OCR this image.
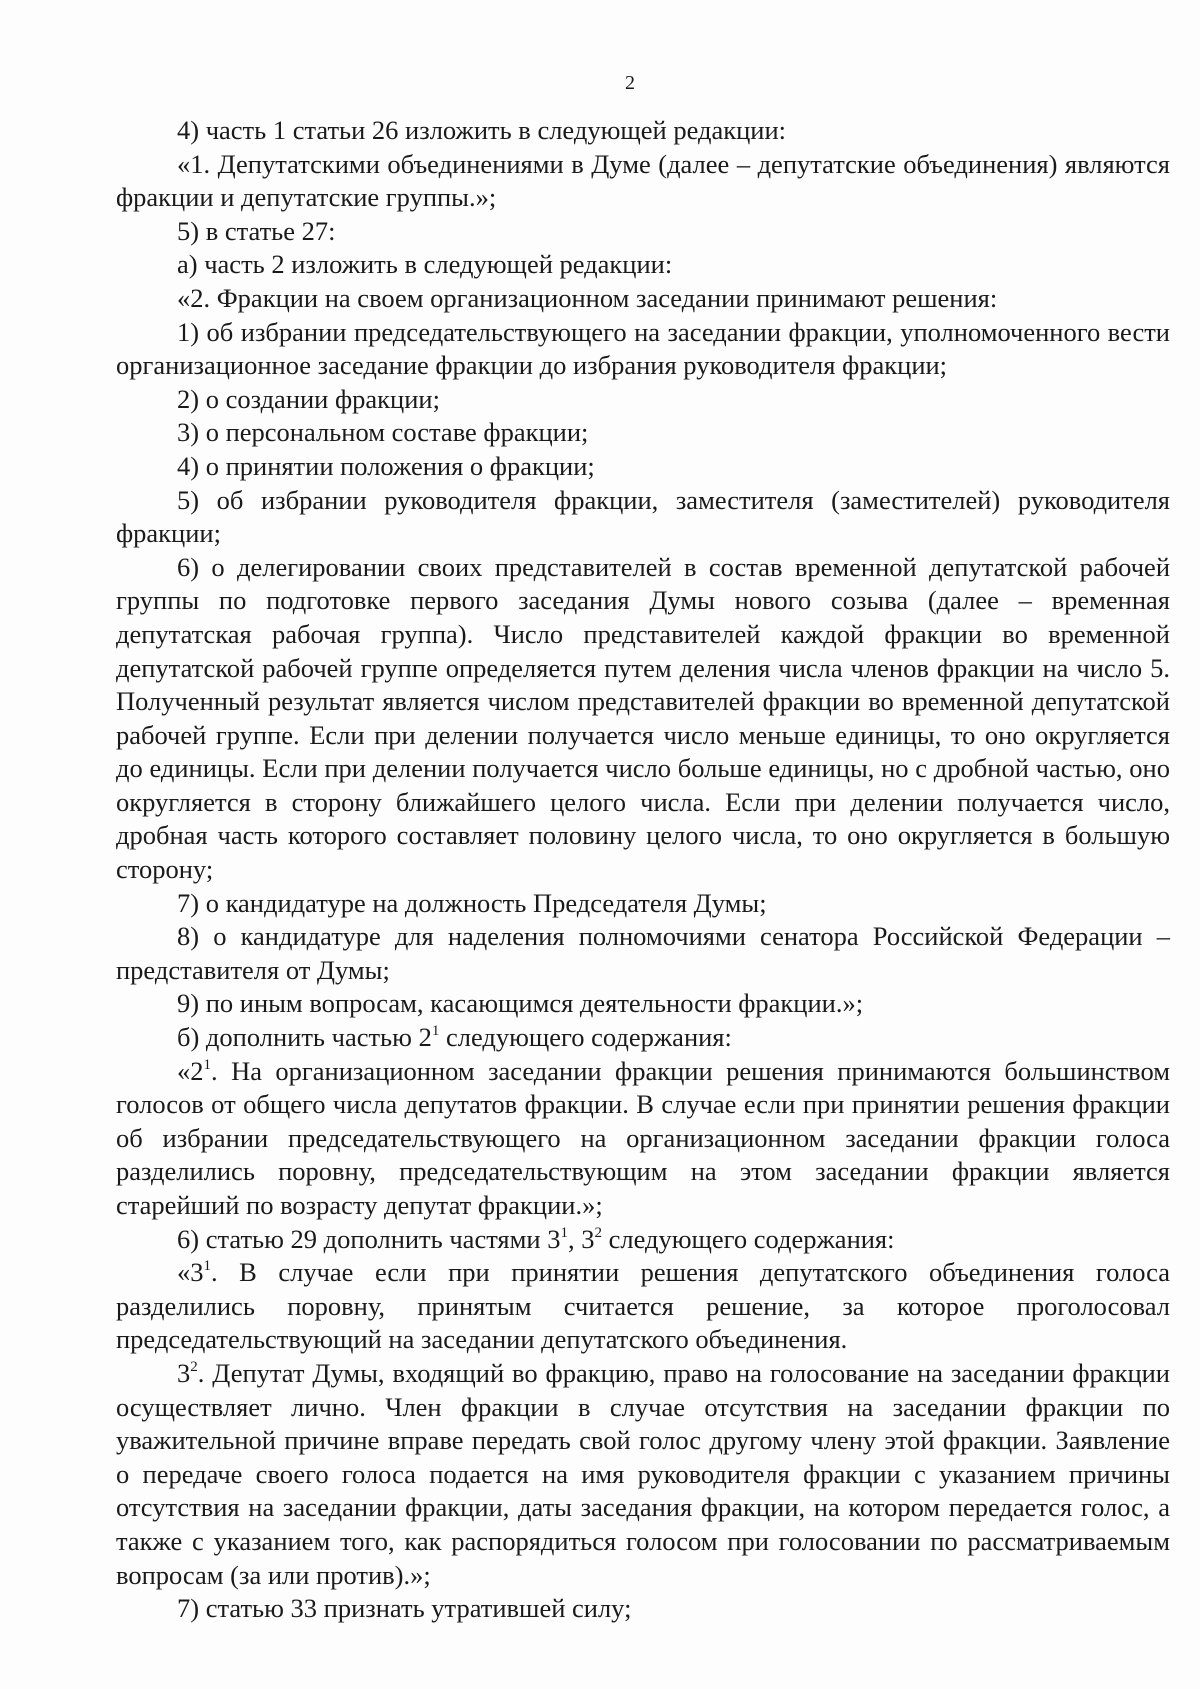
2

4) часть 1 статьи 26 изложить в следующей редакции:

«1. Депутатскими объединениями в Думе (далее – депутатские объединения) являются фракции и депутатские группы.»;

5) в статье 27:

а) часть 2 изложить в следующей редакции:

«2. Фракции на своем организационном заседании принимают решения:

1) об избрании председательствующего на заседании фракции, уполномоченного вести организационное заседание фракции до избрания руководителя фракции;

2) о создании фракции;

3) о персональном составе фракции;

4) о принятии положения о фракции;

5) об избрании руководителя фракции, заместителя (заместителей) руководителя фракции;

6) о делегировании своих представителей в состав временной депутатской рабочей группы по подготовке первого заседания Думы нового созыва (далее – временная депутатская рабочая группа). Число представителей каждой фракции во временной депутатской рабочей группе определяется путем деления числа членов фракции на число 5. Полученный результат является числом представителей фракции во временной депутатской рабочей группе. Если при делении получается число меньше единицы, то оно округляется до единицы. Если при делении получается число больше единицы, но с дробной частью, оно округляется в сторону ближайшего целого числа. Если при делении получается число, дробная часть которого составляет половину целого числа, то оно округляется в большую сторону;

7) о кандидатуре на должность Председателя Думы;

8) о кандидатуре для наделения полномочиями сенатора Российской Федерации – представителя от Думы;

9) по иным вопросам, касающимся деятельности фракции.»;

б) дополнить частью $2^1$ следующего содержания:

«$2^1$. На организационном заседании фракции решения принимаются большинством голосов от общего числа депутатов фракции. В случае если при принятии решения фракции об избрании председательствующего на организационном заседании фракции голоса разделились поровну, председательствующим на этом заседании фракции является старейший по возрасту депутат фракции.»;

6) статью 29 дополнить частями $3^1$, $3^2$ следующего содержания:

«$3^1$. В случае если при принятии решения депутатского объединения голоса разделились поровну, принятым считается решение, за которое проголосовал председательствующий на заседании депутатского объединения.

$3^2$. Депутат Думы, входящий во фракцию, право на голосование на заседании фракции осуществляет лично. Член фракции в случае отсутствия на заседании фракции по уважительной причине вправе передать свой голос другому члену этой фракции. Заявление о передаче своего голоса подается на имя руководителя фракции с указанием причины отсутствия на заседании фракции, даты заседания фракции, на котором передается голос, а также с указанием того, как распорядиться голосом при голосовании по рассматриваемым вопросам (за или против).»;

7) статью 33 признать утратившей силу;
